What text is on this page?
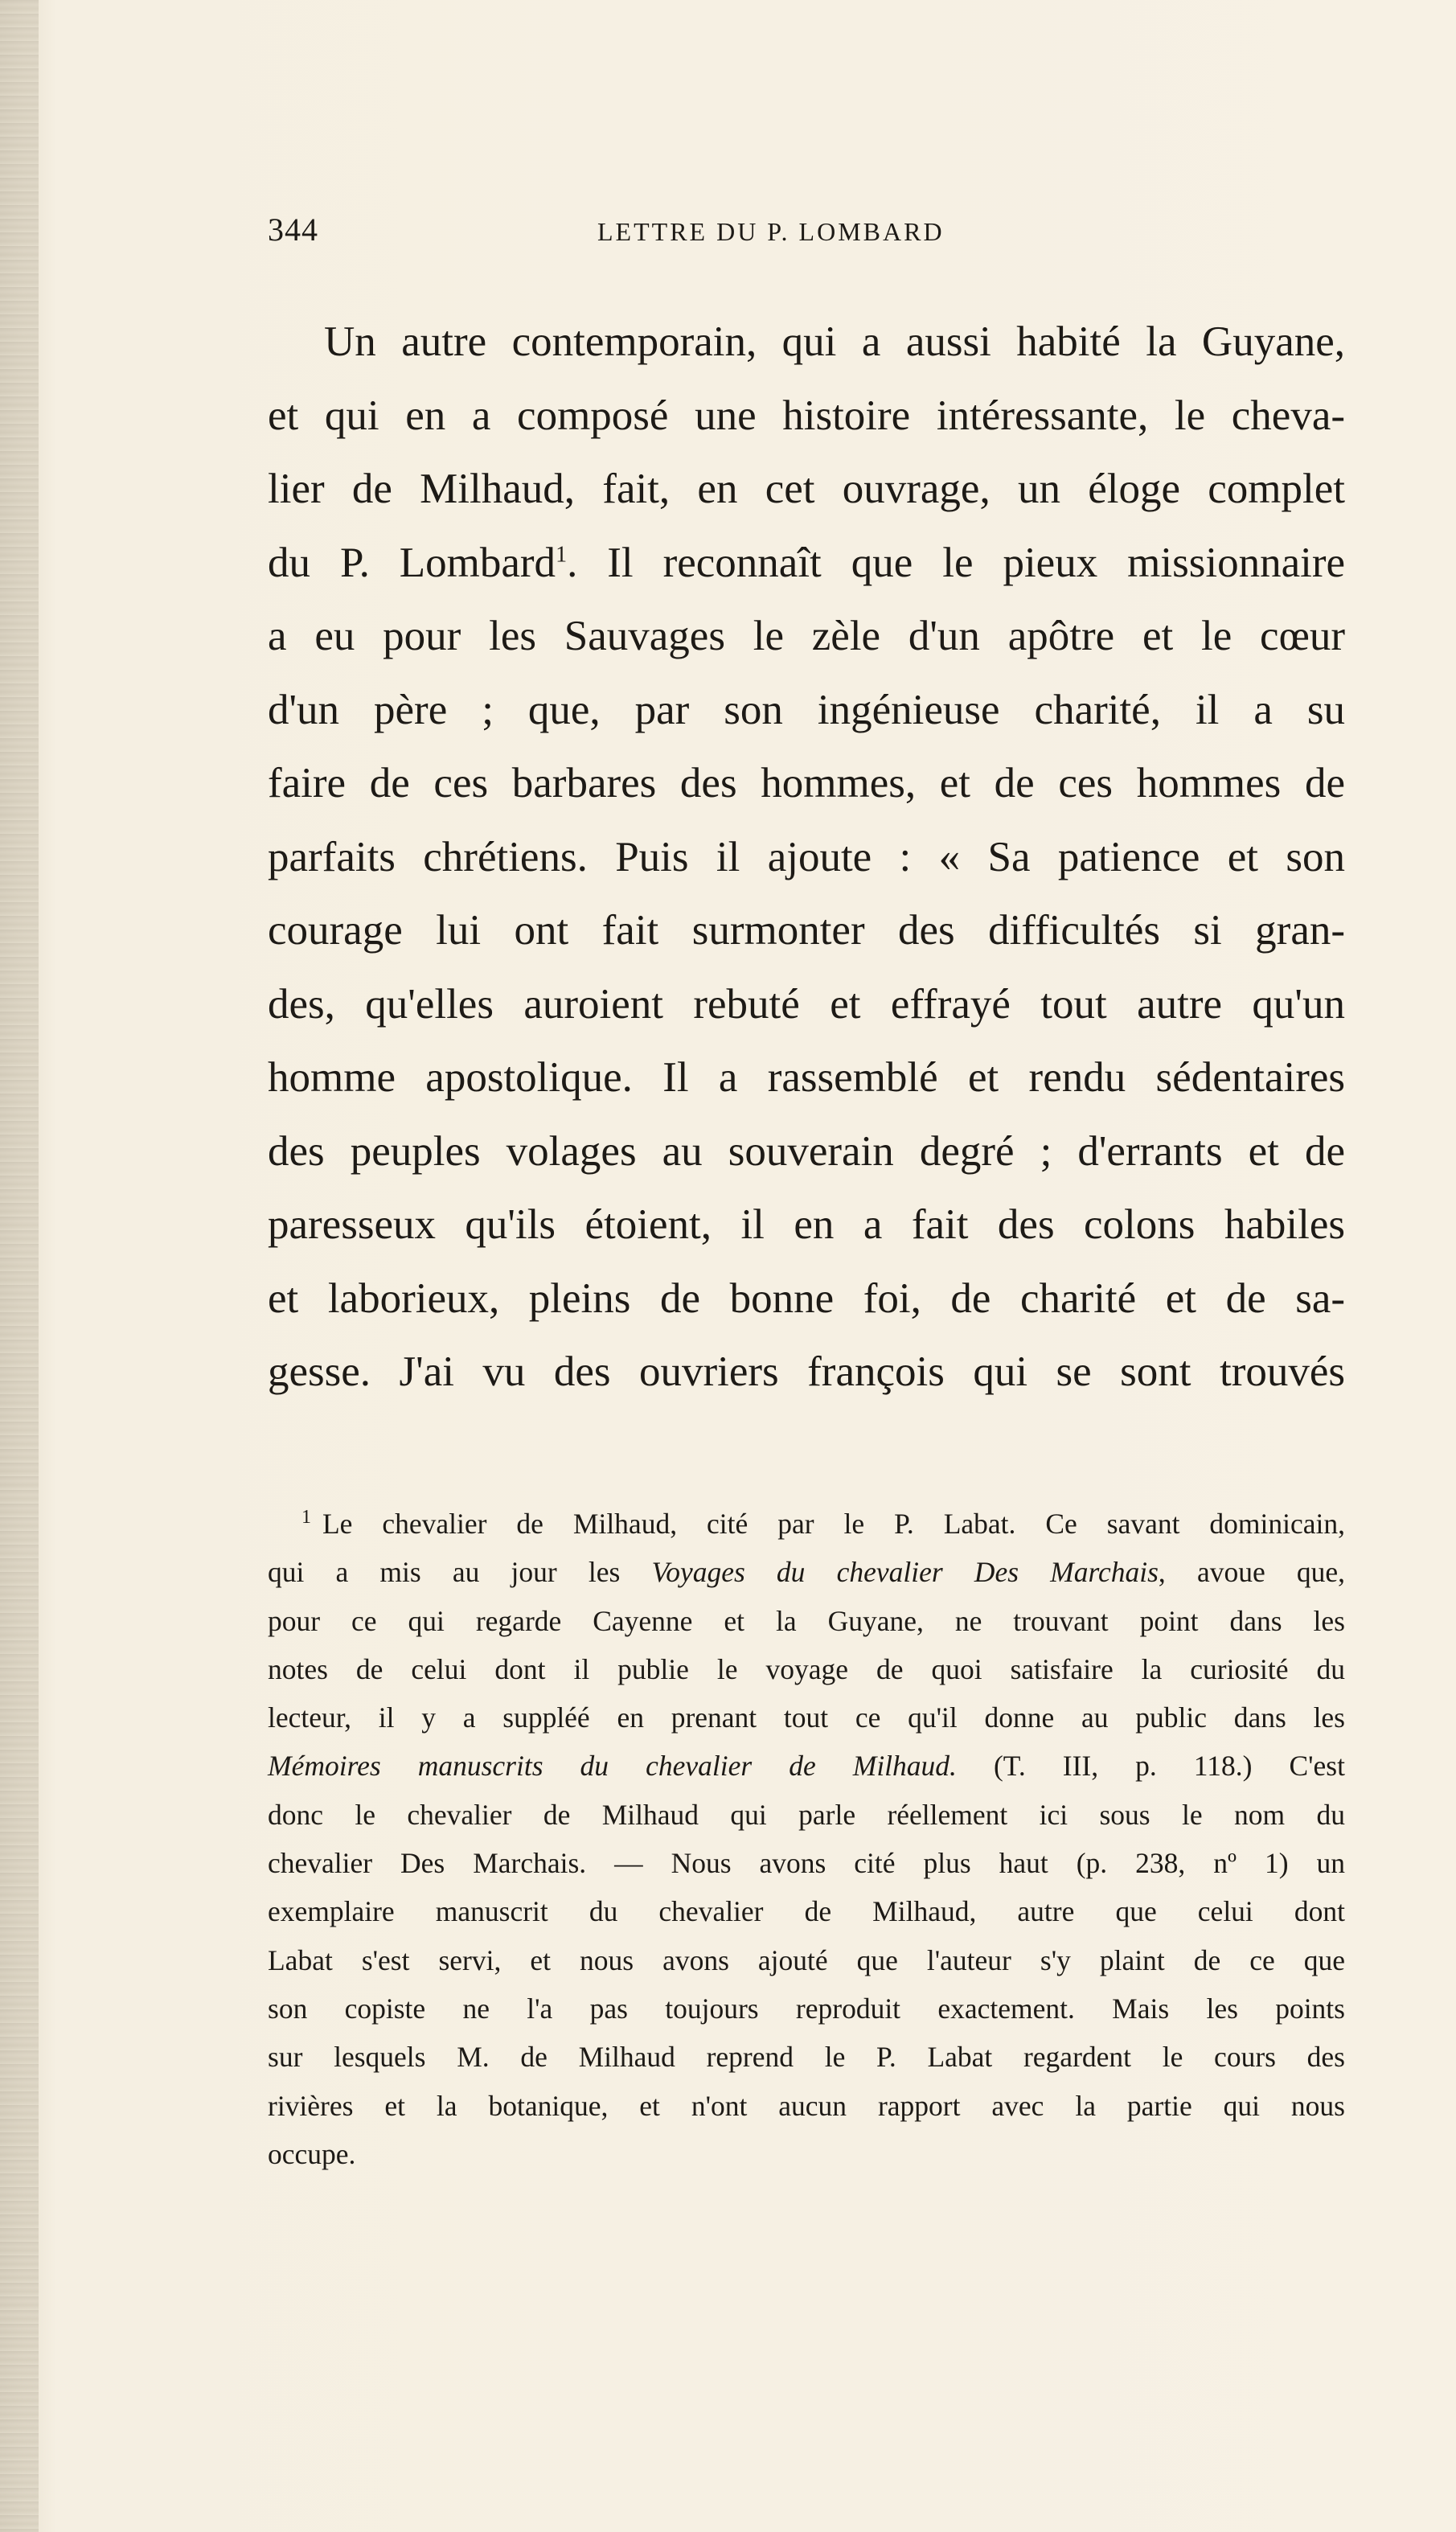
344	LETTRE DU P. LOMBARD
Un autre contemporain, qui a aussi habité la Guyane,
et qui en a composé une histoire intéressante, le cheva-
lier de Milhaud, fait, en cet ouvrage, un éloge complet
du P. Lombard$^1$. Il reconnaît que le pieux missionnaire
a eu pour les Sauvages le zèle d'un apôtre et le cœur
d'un père ; que, par son ingénieuse charité, il a su
faire de ces barbares des hommes, et de ces hommes de
parfaits chrétiens. Puis il ajoute : « Sa patience et son
courage lui ont fait surmonter des difficultés si gran-
des, qu'elles auroient rebuté et effrayé tout autre qu'un
homme apostolique. Il a rassemblé et rendu sédentaires
des peuples volages au souverain degré ; d'errants et de
paresseux qu'ils étoient, il en a fait des colons habiles
et laborieux, pleins de bonne foi, de charité et de sa-
gesse. J'ai vu des ouvriers françois qui se sont trouvés
$^1$ Le chevalier de Milhaud, cité par le P. Labat. Ce savant dominicain,
qui a mis au jour les Voyages du chevalier Des Marchais, avoue que,
pour ce qui regarde Cayenne et la Guyane, ne trouvant point dans les
notes de celui dont il publie le voyage de quoi satisfaire la curiosité du
lecteur, il y a suppléé en prenant tout ce qu'il donne au public dans les
Mémoires manuscrits du chevalier de Milhaud. (T. III, p. 118.) C'est
donc le chevalier de Milhaud qui parle réellement ici sous le nom du
chevalier Des Marchais. — Nous avons cité plus haut (p. 238, nº 1) un
exemplaire manuscrit du chevalier de Milhaud, autre que celui dont
Labat s'est servi, et nous avons ajouté que l'auteur s'y plaint de ce que
son copiste ne l'a pas toujours reproduit exactement. Mais les points
sur lesquels M. de Milhaud reprend le P. Labat regardent le cours des
rivières et la botanique, et n'ont aucun rapport avec la partie qui nous
occupe.
